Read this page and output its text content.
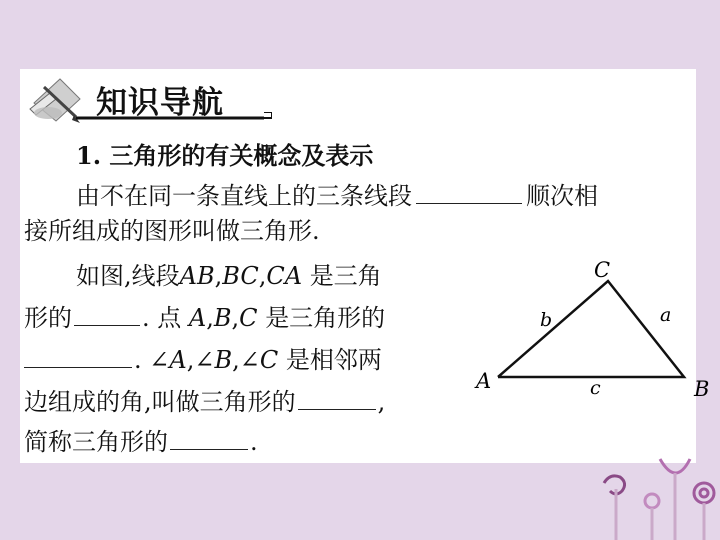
知识导航
1. 三角形的有关概念及表示
由不在同一条直线上的三条线段	顺次相
接所组成的图形叫做三角形.
如图,线段AB,BC,CA 是三角
形的	. 点 A,B,C 是三角形的
. ∠A,∠B,∠C 是相邻两
边组成的角,叫做三角形的	,
简称三角形的	.
C
A	B
b	a
c
